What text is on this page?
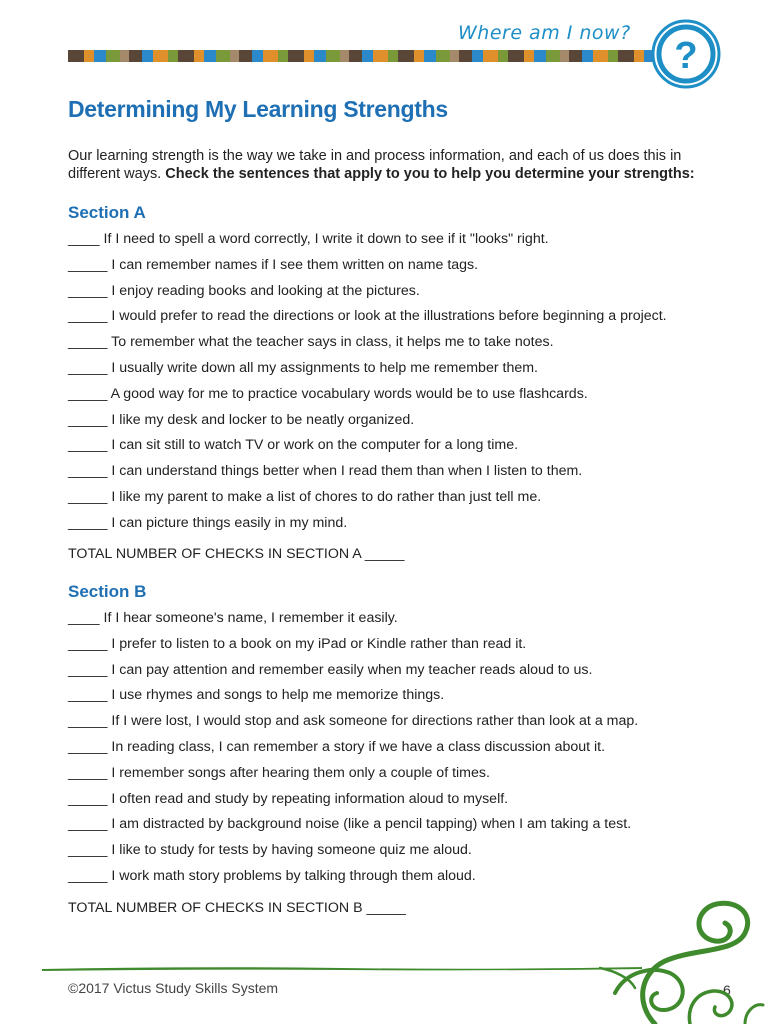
Where am I now?
?
Determining My Learning Strengths

Our learning strength is the way we take in and process information, and each of us does this in different ways. Check the sentences that apply to you to help you determine your strengths:

Section A
____ If I need to spell a word correctly, I write it down to see if it "looks" right.
_____ I can remember names if I see them written on name tags.
_____ I enjoy reading books and looking at the pictures.
_____ I would prefer to read the directions or look at the illustrations before beginning a project.
_____ To remember what the teacher says in class, it helps me to take notes.
_____ I usually write down all my assignments to help me remember them.
_____ A good way for me to practice vocabulary words would be to use flashcards.
_____ I like my desk and locker to be neatly organized.
_____ I can sit still to watch TV or work on the computer for a long time.
_____ I can understand things better when I read them than when I listen to them.
_____ I like my parent to make a list of chores to do rather than just tell me.
_____ I can picture things easily in my mind.

TOTAL NUMBER OF CHECKS IN SECTION A _____

Section B
____ If I hear someone's name, I remember it easily.
_____ I prefer to listen to a book on my iPad or Kindle rather than read it.
_____ I can pay attention and remember easily when my teacher reads aloud to us.
_____ I use rhymes and songs to help me memorize things.
_____ If I were lost, I would stop and ask someone for directions rather than look at a map.
_____ In reading class, I can remember a story if we have a class discussion about it.
_____ I remember songs after hearing them only a couple of times.
_____ I often read and study by repeating information aloud to myself.
_____ I am distracted by background noise (like a pencil tapping) when I am taking a test.
_____ I like to study for tests by having someone quiz me aloud.
_____ I work math story problems by talking through them aloud.

TOTAL NUMBER OF CHECKS IN SECTION B _____

©2017 Victus Study Skills System	6
